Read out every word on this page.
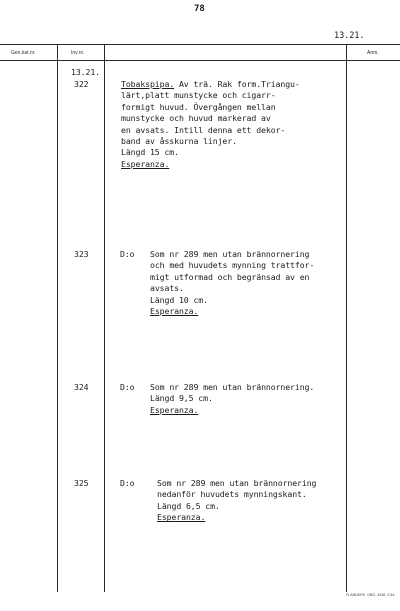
78
13.21.
Gen.kat.nr.	Inv.nr.	Anm.
13.21.
322	Tobakspipa. Av trä. Rak form.Triangu-
lärt,platt munstycke och cigarr-
formigt huvud. Övergången mellan
munstycke och huvud markerad av
en avsats. Intill denna ett dekor-
band av åsskurna linjer.
Längd 15 cm.
Esperanza.
323	D:o Som nr 289 men utan brännornering
och med huvudets mynning trattfor-
migt utformad och begränsad av en
avsats.
Längd 10 cm.
Esperanza.
324	D:o Som nr 289 men utan brännornering.
Längd 9,5 cm.
Esperanza.
325	D:o	Som nr 289 men utan brännornering
nedanför huvudets mynningskant.
Längd 6,5 cm.
Esperanza.
FLANDERS. GBG. 4338. 2.54.
